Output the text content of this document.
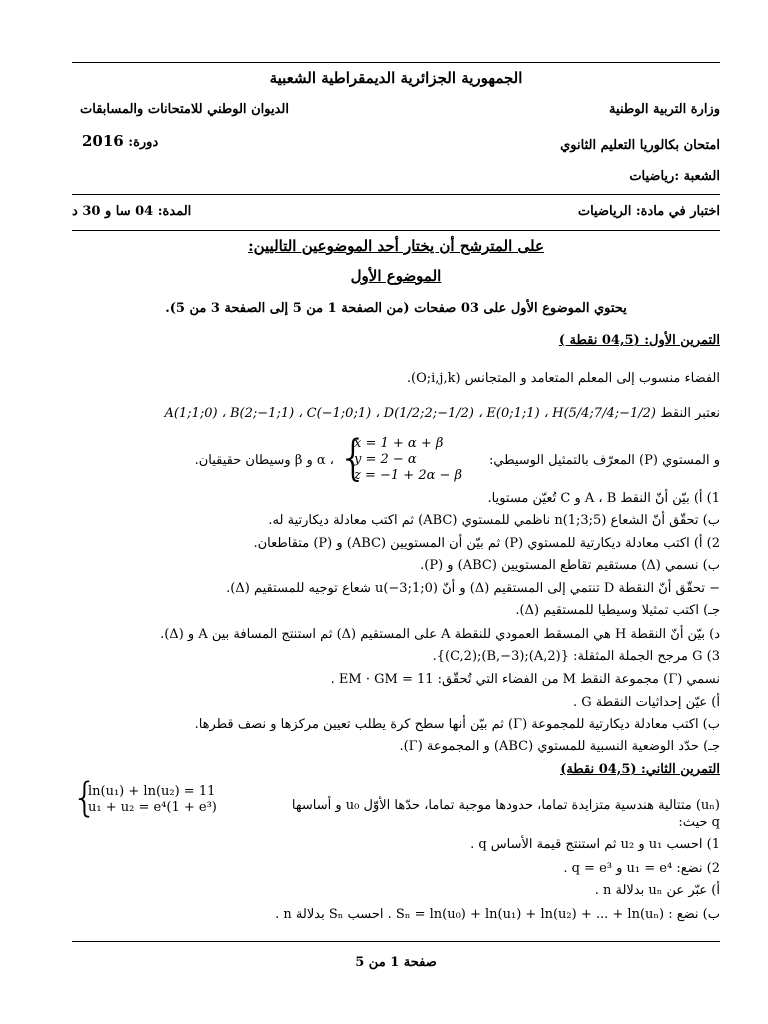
الجمهورية الجزائرية الديمقراطية الشعبية
وزارة التربية الوطنية
الديوان الوطني للامتحانات والمسابقات
امتحان بكالوريا التعليم الثانوي
دورة: 2016
الشعبة :رياضيات
اختبار في مادة: الرياضيات
المدة: 04 سا و 30 د
على المترشح أن يختار أحد الموضوعين التاليين:
الموضوع الأول
يحتوي الموضوع الأول على 03 صفحات (من الصفحة 1 من 5 إلى الصفحة 3 من 5).
التمرين الأول: (04,5 نقطة )
الفضاء منسوب إلى المعلم المتعامد و المتجانس (O;i,j,k).
نعتبر النقط
A(1;1;0) ، B(2;−1;1) ، C(−1;0;1) ، D(1/2;2;−1/2) ، E(0;1;1) ، H(5/4;7/4;−1/2)
و المستوي (P) المعرّف بالتمثيل الوسيطي:
{
x = 1 + α + β
y = 2 − α
z = −1 + 2α − β
، α و β وسيطان حقيقيان.
1) أ) بيّن أنّ النقط A ، B و C تُعيّن مستويا.
ب) تحقّق أنّ الشعاع n(1;3;5) ناظمي للمستوي (ABC) ثم اكتب معادلة ديكارتية له.
2) أ) اكتب معادلة ديكارتية للمستوي (P) ثم بيّن أن المستويين (ABC) و (P) متقاطعان.
ب) نسمي (Δ) مستقيم تقاطع المستويين (ABC) و (P).
− تحقّق أنّ النقطة D تنتمي إلى المستقيم (Δ) و أنّ u(−3;1;0) شعاع توجيه للمستقيم (Δ).
جـ) اكتب تمثيلا وسيطيا للمستقيم (Δ).
د) بيّن أنّ النقطة H هي المسقط العمودي للنقطة A على المستقيم (Δ) ثم استنتج المسافة بين A و (Δ).
3) G مرجح الجملة المثقلة: {(A,2);(B,−3);(C,2)}.
نسمي (Γ) مجموعة النقط M من الفضاء التي تُحقّق: EM · GM = 11 .
أ) عيّن إحداثيات النقطة G .
ب) اكتب معادلة ديكارتية للمجموعة (Γ) ثم بيّن أنها سطح كرة يطلب تعيين مركزها و نصف قطرها.
جـ) حدّد الوضعية النسبية للمستوي (ABC) و المجموعة (Γ).
التمرين الثاني: (04,5 نقطة)
{
ln(u₁) + ln(u₂) = 11
u₁ + u₂ = e⁴(1 + e³)	(uₙ) متتالية هندسية متزايدة تماما، حدودها موجبة تماما، حدّها الأوّل u₀ و أساسها q حيث:
1) احسب u₁ و u₂ ثم استنتج قيمة الأساس q .
2) نضع: u₁ = e⁴ و q = e³ .
أ) عبّر عن uₙ بدلالة n .
ب) نضع : Sₙ = ln(u₀) + ln(u₁) + ln(u₂) + ... + ln(uₙ) . احسب Sₙ بدلالة n .
صفحة 1 من 5
